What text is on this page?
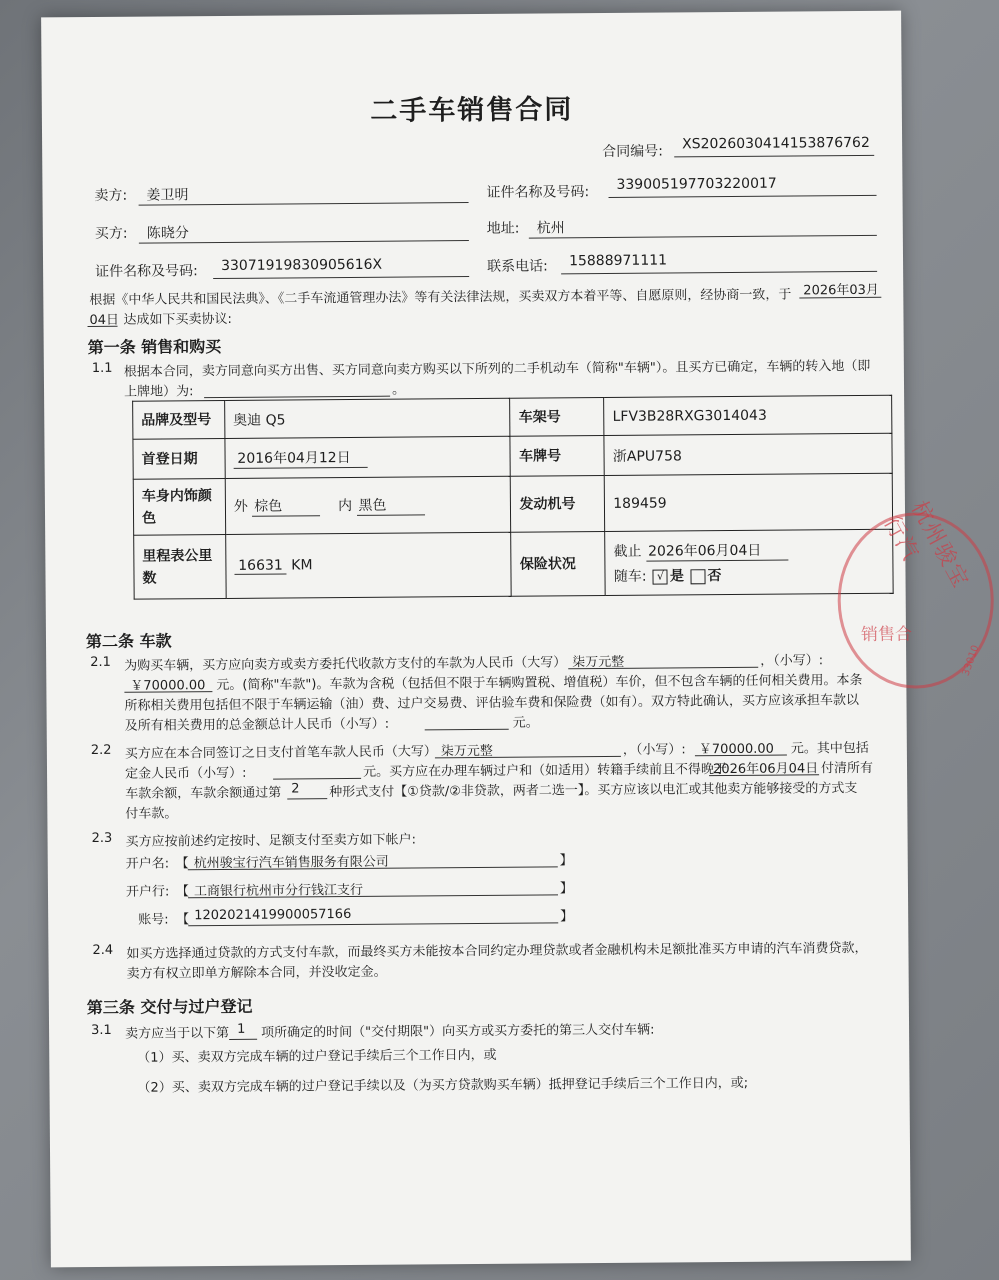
二手车销售合同
合同编号: XS2026030414153876762
卖方: 姜卫明	证件名称及号码: 339005197703220017
买方: 陈晓分	地址: 杭州
证件名称及号码: 33071919830905616X	联系电话: 15888971111
根据《中华人民共和国民法典》、《二手车流通管理办法》等有关法律法规，买卖双方本着平等、自愿原则，经协商一致，于 2026年03月
04日 达成如下买卖协议:
第一条 销售和购买
1.1 根据本合同，卖方同意向买方出售、买方同意向卖方购买以下所列的二手机动车（简称"车辆"）。且买方已确定，车辆的转入地（即
上牌地）为:	。
品牌及型号	奥迪 Q5	车架号	LFV3B28RXG3014043
首登日期	2016年04月12日	车牌号	浙APU758
车身内饰颜色	外 棕色 内 黑色	发动机号	189459
里程表公里数	16631 KM	保险状况	截止 2026年06月04日
随车: √ 是 否
第二条 车款
2.1 为购买车辆，买方应向卖方或卖方委托代收款方支付的车款为人民币（大写） 柒万元整	，（小写）:
￥70000.00 元。(简称"车款")。车款为含税（包括但不限于车辆购置税、增值税）车价，但不包含车辆的任何相关费用。本条
所称相关费用包括但不限于车辆运输（油）费、过户交易费、评估验车费和保险费（如有）。双方特此确认，买方应该承担车款以
及所有相关费用的总金额总计人民币（小写）:	元。
2.2 买方应在本合同签订之日支付首笔车款人民币（大写） 柒万元整	，（小写）: ￥70000.00 元。其中包括
定金人民币（小写）:	元。买方应在办理车辆过户和（如适用）转籍手续前且不得晚于
2026年06月04日 付清所有
车款余额，车款余额通过第 2 种形式支付【①贷款/②非贷款，两者二选一】。买方应该以电汇或其他卖方能够接受的方式支
付车款。
2.3 买方应按前述约定按时、足额支付至卖方如下帐户:
开户名: 【 杭州骏宝行汽车销售服务有限公司	】
开户行: 【 工商银行杭州市分行钱江支行	】
账号: 【 1202021419900057166	】
2.4 如买方选择通过贷款的方式支付车款，而最终买方未能按本合同约定办理贷款或者金融机构未足额批准买方申请的汽车消费贷款，
卖方有权立即单方解除本合同，并没收定金。
第三条 交付与过户登记
3.1 卖方应当于以下第 1 项所确定的时间（"交付期限"）向买方或买方委托的第三人交付车辆:
（1）买、卖双方完成车辆的过户登记手续后三个工作日内，或
（2）买、卖双方完成车辆的过户登记手续以及（为买方贷款购买车辆）抵押登记手续后三个工作日内，或;
杭州骏宝行汽
销售合
33010
